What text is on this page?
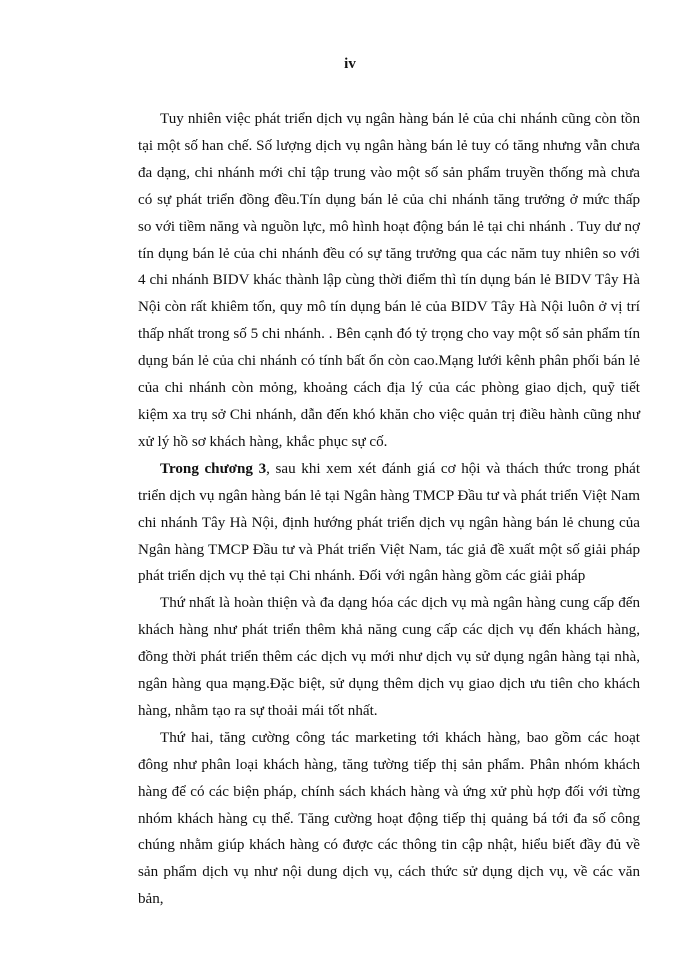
iv

Tuy nhiên việc phát triển dịch vụ ngân hàng bán lẻ của chi nhánh cũng còn tồn tại một số han chế. Số lượng dịch vụ ngân hàng bán lẻ tuy có tăng nhưng vẫn chưa đa dạng, chi nhánh mới chỉ tập trung vào một số sản phẩm truyền thống mà chưa có sự phát triển đồng đều.Tín dụng bán lẻ của chi nhánh tăng trưởng ở mức thấp so với tiềm năng và nguồn lực, mô hình hoạt động bán lẻ tại chi nhánh . Tuy dư nợ tín dụng bán lẻ của chi nhánh đều có sự tăng trưởng qua các năm tuy nhiên so với 4 chi nhánh BIDV khác thành lập cùng thời điểm thì tín dụng bán lẻ BIDV Tây Hà Nội còn rất khiêm tốn, quy mô tín dụng bán lẻ của BIDV Tây Hà Nội luôn ở vị trí thấp nhất trong số 5 chi nhánh. . Bên cạnh đó tỷ trọng cho vay một số sản phẩm tín dụng bán lẻ của chi nhánh có tính bất ổn còn cao.Mạng lưới kênh phân phối bán lẻ của chi nhánh còn mỏng, khoảng cách địa lý của các phòng giao dịch, quỹ tiết kiệm xa trụ sở Chi nhánh, dẫn đến khó khăn cho việc quản trị điều hành cũng như xử lý hồ sơ khách hàng, khắc phục sự cố.

Trong chương 3, sau khi xem xét đánh giá cơ hội và thách thức trong phát triển dịch vụ ngân hàng bán lẻ tại Ngân hàng TMCP Đầu tư và phát triển Việt Nam chi nhánh Tây Hà Nội, định hướng phát triển dịch vụ ngân hàng bán lẻ chung của Ngân hàng TMCP Đầu tư và Phát triển Việt Nam, tác giả đề xuất một số giải pháp phát triển dịch vụ thẻ tại Chi nhánh. Đối với ngân hàng gồm các giải pháp

Thứ nhất là hoàn thiện và đa dạng hóa các dịch vụ mà ngân hàng cung cấp đến khách hàng như phát triển thêm khả năng cung cấp các dịch vụ đến khách hàng, đồng thời phát triển thêm các dịch vụ mới như dịch vụ sử dụng ngân hàng tại nhà, ngân hàng qua mạng.Đặc biệt, sử dụng thêm dịch vụ giao dịch ưu tiên cho khách hàng, nhằm tạo ra sự thoải mái tốt nhất.

Thứ hai, tăng cường công tác marketing tới khách hàng, bao gồm các hoạt đông như phân loại khách hàng, tăng tường tiếp thị sản phẩm. Phân nhóm khách hàng để có các biện pháp, chính sách khách hàng và ứng xử phù hợp đối với từng nhóm khách hàng cụ thể. Tăng cường hoạt động tiếp thị quảng bá tới đa số công chúng nhằm giúp khách hàng có được các thông tin cập nhật, hiểu biết đầy đủ về sản phẩm dịch vụ như nội dung dịch vụ, cách thức sử dụng dịch vụ, về các văn bản,
